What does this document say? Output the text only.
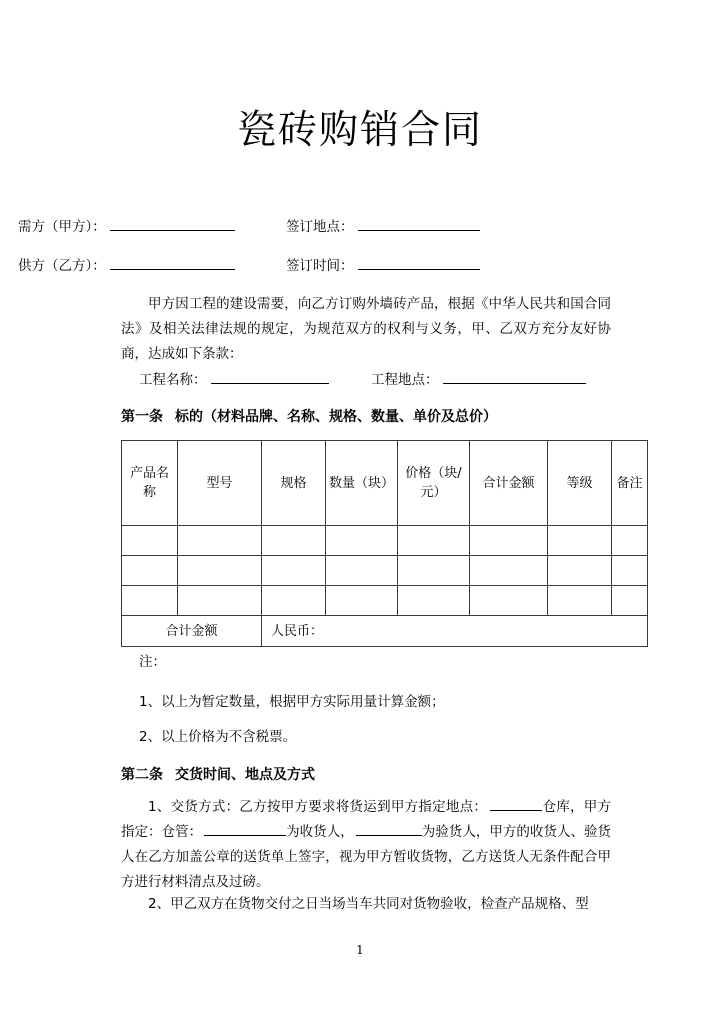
瓷砖购销合同
需方（甲方）：	签订地点：
供方（乙方）：	签订时间：
甲方因工程的建设需要，向乙方订购外墙砖产品，根据《中华人民共和国合同法》及相关法律法规的规定，为规范双方的权利与义务，甲、乙双方充分友好协商，达成如下条款：
工程名称：	工程地点：
第一条 标的（材料品牌、名称、规格、数量、单价及总价）
产品名称	型号	规格	数量（块）	价格（块/元）	合计金额	等级	备注

合计金额		人民币：					
注：
1、以上为暂定数量，根据甲方实际用量计算金额；
2、以上价格为不含税票。
第二条 交货时间、地点及方式
1、交货方式：乙方按甲方要求将货运到甲方指定地点：	仓库，甲方指定：仓管：	为收货人，	为验货人，甲方的收货人、验货人在乙方加盖公章的送货单上签字，视为甲方暂收货物，乙方送货人无条件配合甲方进行材料清点及过磅。
2、甲乙双方在货物交付之日当场当车共同对货物验收，检查产品规格、型
1
